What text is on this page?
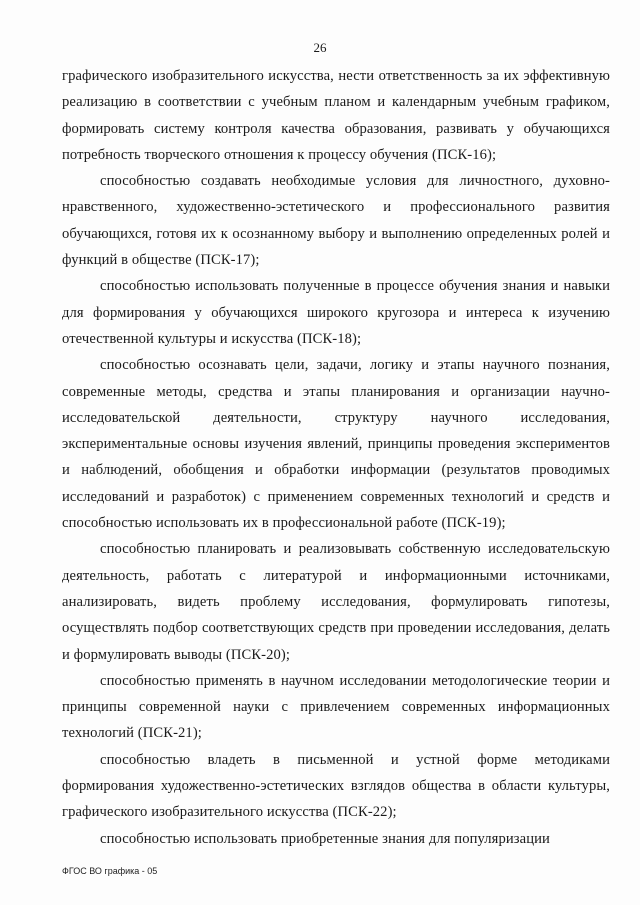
26

графического изобразительного искусства, нести ответственность за их эффективную реализацию в соответствии с учебным планом и календарным учебным графиком, формировать систему контроля качества образования, развивать у обучающихся потребность творческого отношения к процессу обучения (ПСК-16);

способностью создавать необходимые условия для личностного, духовно-нравственного, художественно-эстетического и профессионального развития обучающихся, готовя их к осознанному выбору и выполнению определенных ролей и функций в обществе (ПСК-17);

способностью использовать полученные в процессе обучения знания и навыки для формирования у обучающихся широкого кругозора и интереса к изучению отечественной культуры и искусства (ПСК-18);

способностью осознавать цели, задачи, логику и этапы научного познания, современные методы, средства и этапы планирования и организации научно-исследовательской деятельности, структуру научного исследования, экспериментальные основы изучения явлений, принципы проведения экспериментов и наблюдений, обобщения и обработки информации (результатов проводимых исследований и разработок) с применением современных технологий и средств и способностью использовать их в профессиональной работе (ПСК-19);

способностью планировать и реализовывать собственную исследовательскую деятельность, работать с литературой и информационными источниками, анализировать, видеть проблему исследования, формулировать гипотезы, осуществлять подбор соответствующих средств при проведении исследования, делать и формулировать выводы (ПСК-20);

способностью применять в научном исследовании методологические теории и принципы современной науки с привлечением современных информационных технологий (ПСК-21);

способностью владеть в письменной и устной форме методиками формирования художественно-эстетических взглядов общества в области культуры, графического изобразительного искусства (ПСК-22);

способностью использовать приобретенные знания для популяризации

ФГОС ВО графика - 05
